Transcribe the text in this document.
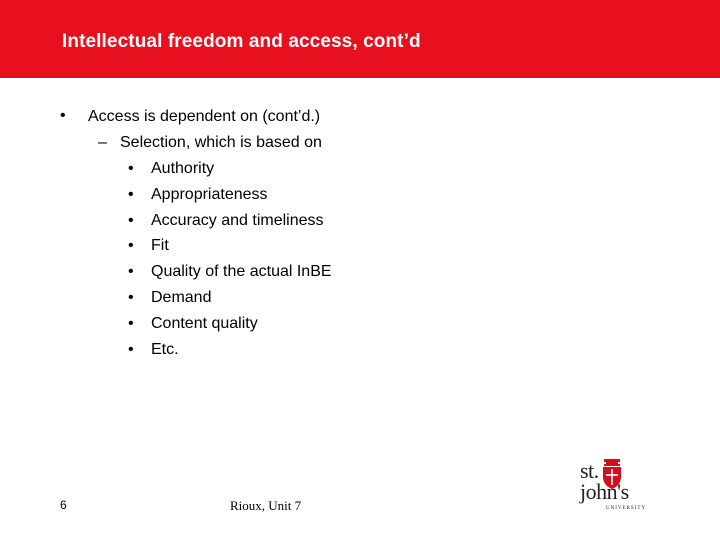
Intellectual freedom and access, cont’d
• Access is dependent on (cont’d.)
– Selection, which is based on
• Authority
• Appropriateness
• Accuracy and timeliness
• Fit
• Quality of the actual InBE
• Demand
• Content quality
• Etc.
6	Rioux, Unit 7
st.
john's
UNIVERSITY
